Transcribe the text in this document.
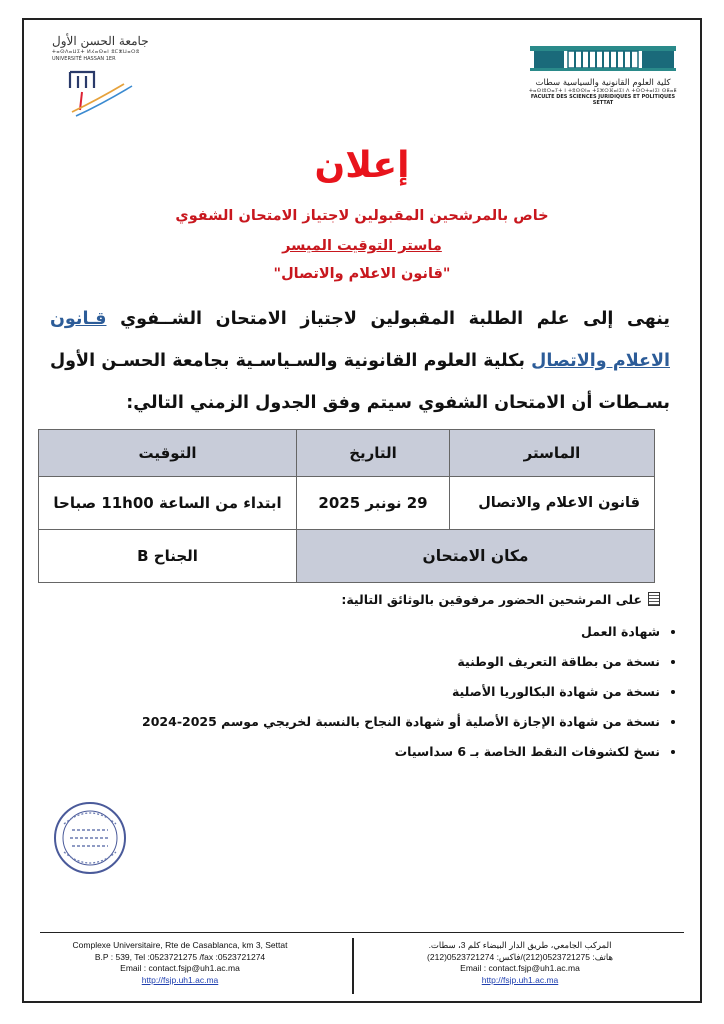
جامعة الحسن الأول
ⵜⴰⵙⴷⴰⵡⵉⵜ ⵍⵃⴰⵙⴰⵏ ⵓⵎⵣⵡⴰⵔⵓ
UNIVERSITÉ HASSAN 1ER
كلية العلوم القانونية والسياسية سطات
ⵜⴰⵙⵏⵓⵔⴰⵢⵜ ⵏ ⵜⵓⵙⵙⵏⴰ ⵜⵉⵣⵔⴼⴰⵏⵉⵏ ⴷ ⵜⵙⵔⵜⴰⵏⵉⵏ ⵙⵟⴰⵟ
FACULTE DES SCIENCES JURIDIQUES ET POLITIQUES SETTAT
إعلان
خاص بالمرشحين المقبولين لاجتياز الامتحان الشفوي
ماستر التوقيت الميسر
"قانون الاعلام والاتصال"
ينهى إلى علم الطلبة المقبولين لاجتياز الامتحان الشــفوي قـانون الاعلام والاتصال بكلية العلوم القانونية والسـياسـية بجامعة الحسـن الأول بسـطات أن الامتحان الشفوي سيتم وفق الجدول الزمني التالي:
الماستر	التاريخ	التوقيت
قانون الاعلام والاتصال	29 نونبر 2025	ابتداء من الساعة 11h00 صباحا
مكان الامتحان		الجناح B
على المرشحين الحضور مرفوقين بالوثائق التالية:
• شهادة العمل
• نسخة من بطاقة التعريف الوطنية
• نسخة من شهادة البكالوريا الأصلية
• نسخة من شهادة الإجازة الأصلية أو شهادة النجاح بالنسبة لخريجي موسم 2025-2024
• نسخ لكشوفات النقط الخاصة بـ 6 سداسيات
Complexe Universitaire, Rte de Casablanca, km 3, Settat
B.P : 539, Tel :0523721275 /fax :0523721274
Email : contact.fsjp@uh1.ac.ma
http://fsjp.uh1.ac.ma
المركب الجامعي، طريق الدار البيضاء كلم 3، سطات.
هاتف: 0523721275(212)/فاكس: 0523721274(212)
Email : contact.fsjp@uh1.ac.ma
http://fsjp.uh1.ac.ma
